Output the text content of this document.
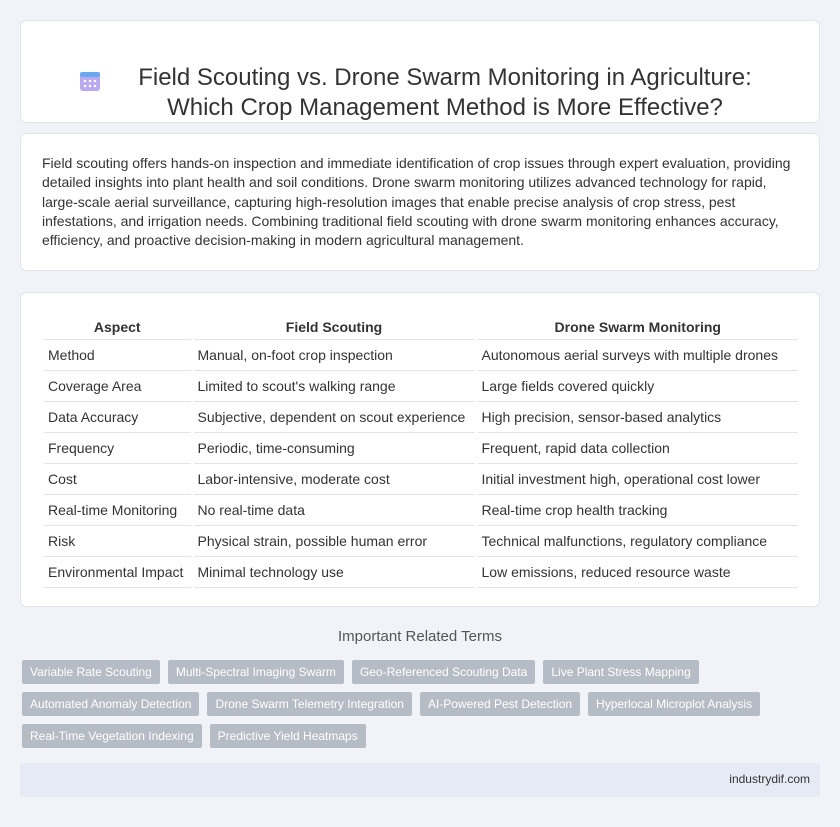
Field Scouting vs. Drone Swarm Monitoring in Agriculture: Which Crop Management Method is More Effective?

Field scouting offers hands-on inspection and immediate identification of crop issues through expert evaluation, providing detailed insights into plant health and soil conditions. Drone swarm monitoring utilizes advanced technology for rapid, large-scale aerial surveillance, capturing high-resolution images that enable precise analysis of crop stress, pest infestations, and irrigation needs. Combining traditional field scouting with drone swarm monitoring enhances accuracy, efficiency, and proactive decision-making in modern agricultural management.

Aspect	Field Scouting	Drone Swarm Monitoring
Method	Manual, on-foot crop inspection	Autonomous aerial surveys with multiple drones
Coverage Area	Limited to scout's walking range	Large fields covered quickly
Data Accuracy	Subjective, dependent on scout experience	High precision, sensor-based analytics
Frequency	Periodic, time-consuming	Frequent, rapid data collection
Cost	Labor-intensive, moderate cost	Initial investment high, operational cost lower
Real-time Monitoring	No real-time data	Real-time crop health tracking
Risk	Physical strain, possible human error	Technical malfunctions, regulatory compliance
Environmental Impact	Minimal technology use	Low emissions, reduced resource waste
Important Related Terms
Variable Rate Scouting	Multi-Spectral Imaging Swarm	Geo-Referenced Scouting Data	Live Plant Stress Mapping
Automated Anomaly Detection	Drone Swarm Telemetry Integration	AI-Powered Pest Detection	Hyperlocal Microplot Analysis
Real-Time Vegetation Indexing	Predictive Yield Heatmaps
industrydif.com
